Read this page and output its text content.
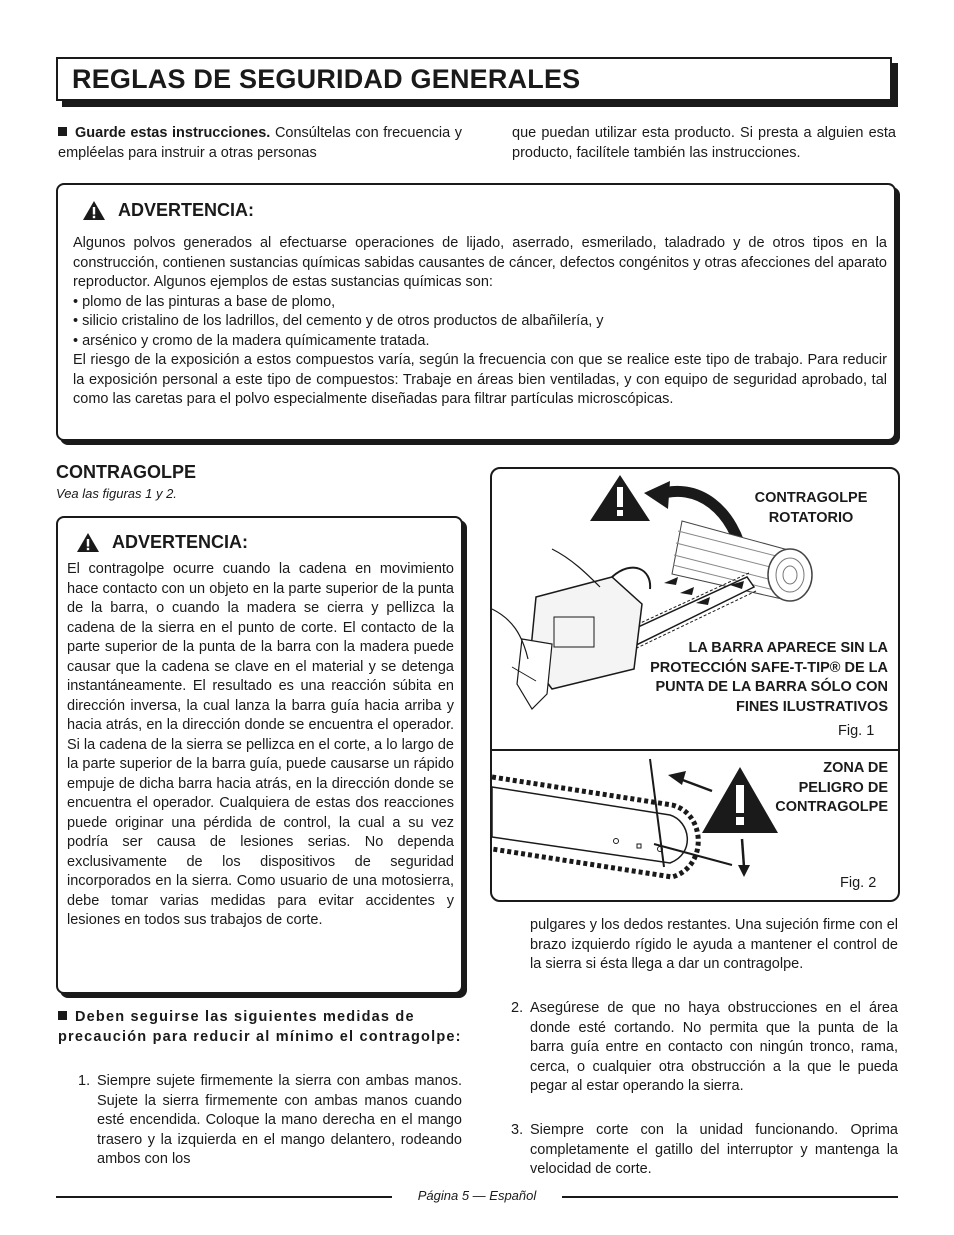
REGLAS DE SEGURIDAD GENERALES

Guarde estas instrucciones. Consúltelas con frecuencia y empléelas para instruir a otras personas

que puedan utilizar esta producto. Si presta a alguien esta producto, facilítele también las instrucciones.

ADVERTENCIA:

Algunos polvos generados al efectuarse operaciones de lijado, aserrado, esmerilado, taladrado y de otros tipos en la construcción, contienen sustancias químicas sabidas causantes de cáncer, defectos congénitos y otras afecciones del aparato reproductor. Algunos ejemplos de estas sustancias químicas son:

• plomo de las pinturas a base de plomo,
• silicio cristalino de los ladrillos, del cemento y de otros productos de albañilería, y
• arsénico y cromo de la madera químicamente tratada.

El riesgo de la exposición a estos compuestos varía, según la frecuencia con que se realice este tipo de trabajo. Para reducir la exposición personal a este tipo de compuestos: Trabaje en áreas bien ventiladas, y con equipo de seguridad aprobado, tal como las caretas para el polvo especialmente diseñadas para filtrar partículas microscópicas.

CONTRAGOLPE
Vea las figuras 1 y 2.
ADVERTENCIA:

El contragolpe ocurre cuando la cadena en movimiento hace contacto con un objeto en la parte superior de la punta de la barra, o cuando la madera se cierra y pellizca la cadena de la sierra en el punto de corte. El contacto de la parte superior de la punta de la barra con la madera puede causar que la cadena se clave en el material y se detenga instantáneamente. El resultado es una reacción súbita en dirección inversa, la cual lanza la barra guía hacia arriba y hacia atrás, en la dirección donde se encuentra el operador. Si la cadena de la sierra se pellizca en el corte, a lo largo de la parte superior de la barra guía, puede causarse un rápido empuje de dicha barra hacia atrás, en la dirección donde se encuentra el operador. Cualquiera de estas dos reacciones puede originar una pérdida de control, la cual a su vez podría ser causa de lesiones serias. No dependa exclusivamente de los dispositivos de seguridad incorporados en la sierra. Como usuario de una motosierra, debe tomar varias medidas para evitar accidentes y lesiones en todos sus trabajos de corte.

Deben seguirse las siguientes medidas de precaución para reducir al mínimo el contragolpe:
1. Siempre sujete firmemente la sierra con ambas manos. Sujete la sierra firmemente con ambas manos cuando esté encendida. Coloque la mano derecha en el mango trasero y la izquierda en el mango delantero, rodeando ambos con los
CONTRAGOLPE ROTATORIO
LA BARRA APARECE SIN LA PROTECCIÓN SAFE-T-TIP® DE LA PUNTA DE LA BARRA SÓLO CON FINES ILUSTRATIVOS
Fig. 1
ZONA DE PELIGRO DE CONTRAGOLPE
Fig. 2
pulgares y los dedos restantes. Una sujeción firme con el brazo izquierdo rígido le ayuda a mantener el control de la sierra si ésta llega a dar un contragolpe.
2. Asegúrese de que no haya obstrucciones en el área donde esté cortando. No permita que la punta de la barra guía entre en contacto con ningún tronco, rama, cerca, o cualquier otra obstrucción a la que le pueda pegar al estar operando la sierra.
3. Siempre corte con la unidad funcionando. Oprima completamente el gatillo del interruptor y mantenga la velocidad de corte.
Página 5 — Español
